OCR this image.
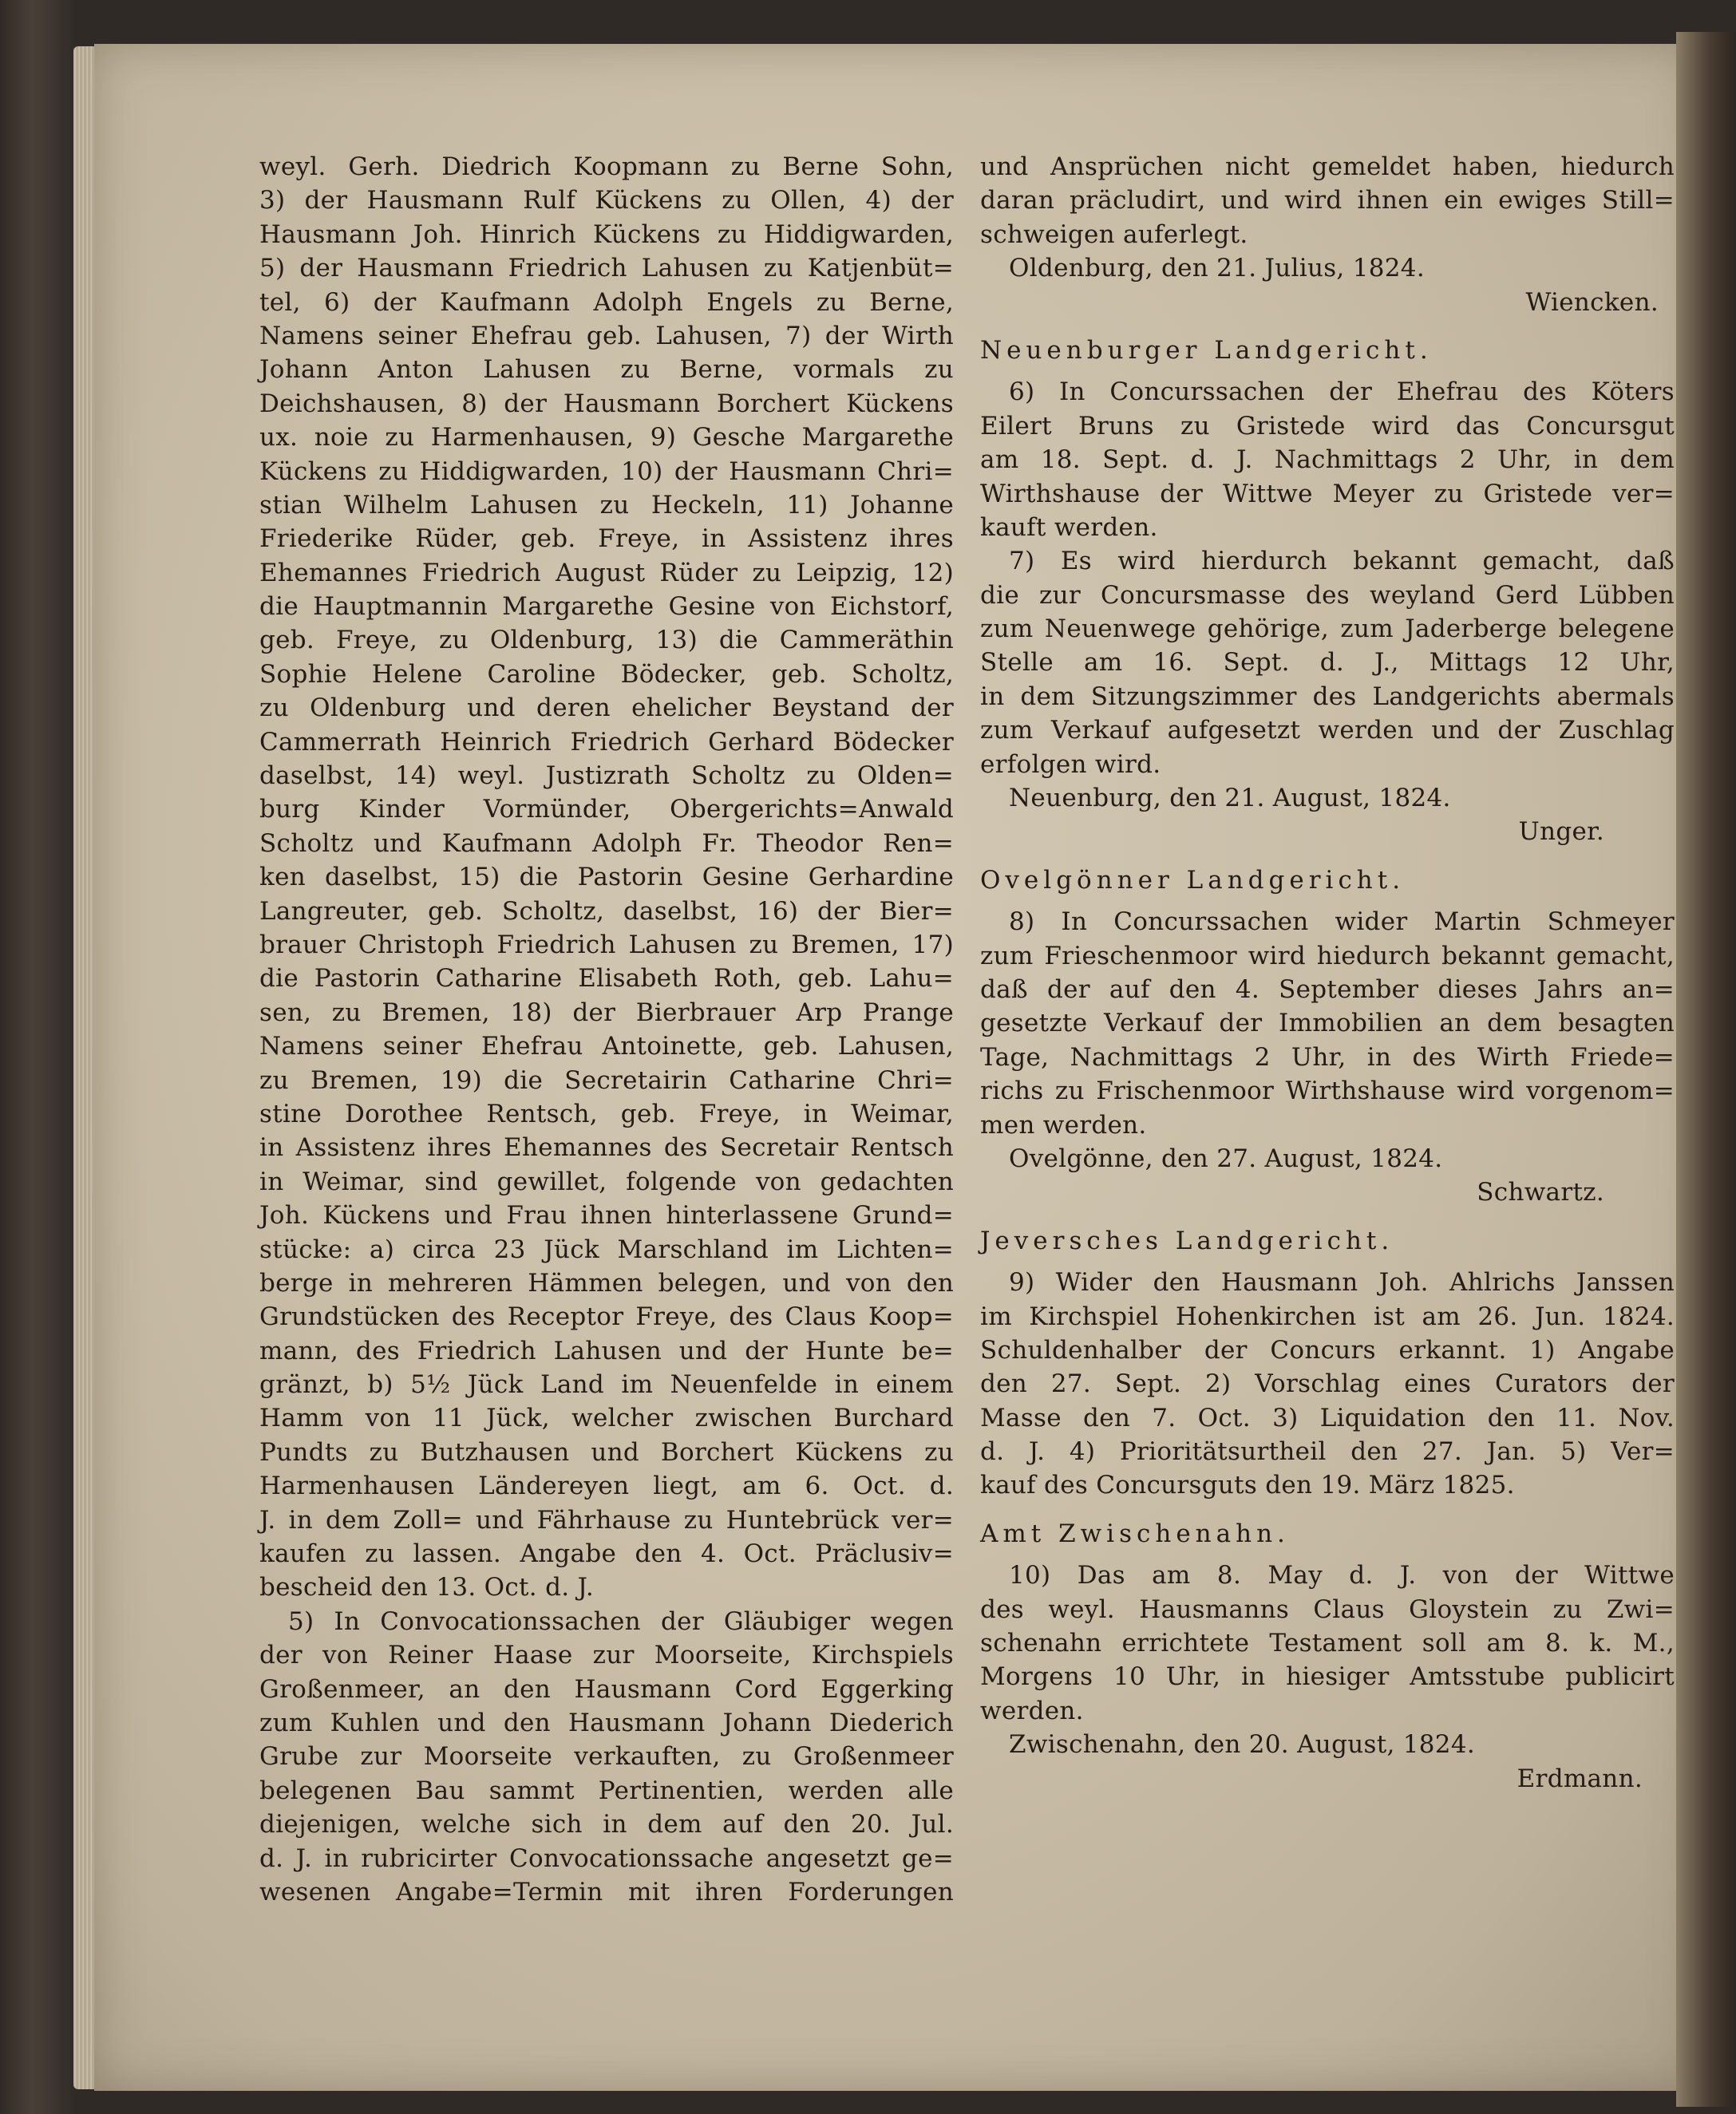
weyl. Gerh. Diedrich Koopmann zu Berne Sohn,
3) der Hausmann Rulf Kückens zu Ollen, 4) der
Hausmann Joh. Hinrich Kückens zu Hiddigwarden,
5) der Hausmann Friedrich Lahusen zu Katjenbüt=
tel, 6) der Kaufmann Adolph Engels zu Berne,
Namens seiner Ehefrau geb. Lahusen, 7) der Wirth
Johann Anton Lahusen zu Berne, vormals zu
Deichshausen, 8) der Hausmann Borchert Kückens
ux. noie zu Harmenhausen, 9) Gesche Margarethe
Kückens zu Hiddigwarden, 10) der Hausmann Chri=
stian Wilhelm Lahusen zu Heckeln, 11) Johanne
Friederike Rüder, geb. Freye, in Assistenz ihres
Ehemannes Friedrich August Rüder zu Leipzig, 12)
die Hauptmannin Margarethe Gesine von Eichstorf,
geb. Freye, zu Oldenburg, 13) die Cammeräthin
Sophie Helene Caroline Bödecker, geb. Scholtz,
zu Oldenburg und deren ehelicher Beystand der
Cammerrath Heinrich Friedrich Gerhard Bödecker
daselbst, 14) weyl. Justizrath Scholtz zu Olden=
burg Kinder Vormünder, Obergerichts=Anwald
Scholtz und Kaufmann Adolph Fr. Theodor Ren=
ken daselbst, 15) die Pastorin Gesine Gerhardine
Langreuter, geb. Scholtz, daselbst, 16) der Bier=
brauer Christoph Friedrich Lahusen zu Bremen, 17)
die Pastorin Catharine Elisabeth Roth, geb. Lahu=
sen, zu Bremen, 18) der Bierbrauer Arp Prange
Namens seiner Ehefrau Antoinette, geb. Lahusen,
zu Bremen, 19) die Secretairin Catharine Chri=
stine Dorothee Rentsch, geb. Freye, in Weimar,
in Assistenz ihres Ehemannes des Secretair Rentsch
in Weimar, sind gewillet, folgende von gedachten
Joh. Kückens und Frau ihnen hinterlassene Grund=
stücke: a) circa 23 Jück Marschland im Lichten=
berge in mehreren Hämmen belegen, und von den
Grundstücken des Receptor Freye, des Claus Koop=
mann, des Friedrich Lahusen und der Hunte be=
gränzt, b) 5½ Jück Land im Neuenfelde in einem
Hamm von 11 Jück, welcher zwischen Burchard
Pundts zu Butzhausen und Borchert Kückens zu
Harmenhausen Ländereyen liegt, am 6. Oct. d.
J. in dem Zoll= und Fährhause zu Huntebrück ver=
kaufen zu lassen. Angabe den 4. Oct. Präclusiv=
bescheid den 13. Oct. d. J.
5) In Convocationssachen der Gläubiger wegen
der von Reiner Haase zur Moorseite, Kirchspiels
Großenmeer, an den Hausmann Cord Eggerking
zum Kuhlen und den Hausmann Johann Diederich
Grube zur Moorseite verkauften, zu Großenmeer
belegenen Bau sammt Pertinentien, werden alle
diejenigen, welche sich in dem auf den 20. Jul.
d. J. in rubricirter Convocationssache angesetzt ge=
wesenen Angabe=Termin mit ihren Forderungen
und Ansprüchen nicht gemeldet haben, hiedurch
daran präcludirt, und wird ihnen ein ewiges Still=
schweigen auferlegt.
Oldenburg, den 21. Julius, 1824.
Wiencken.
Neuenburger Landgericht.
6) In Concurssachen der Ehefrau des Köters
Eilert Bruns zu Gristede wird das Concursgut
am 18. Sept. d. J. Nachmittags 2 Uhr, in dem
Wirthshause der Wittwe Meyer zu Gristede ver=
kauft werden.
7) Es wird hierdurch bekannt gemacht, daß
die zur Concursmasse des weyland Gerd Lübben
zum Neuenwege gehörige, zum Jaderberge belegene
Stelle am 16. Sept. d. J., Mittags 12 Uhr,
in dem Sitzungszimmer des Landgerichts abermals
zum Verkauf aufgesetzt werden und der Zuschlag
erfolgen wird.
Neuenburg, den 21. August, 1824.
Unger.
Ovelgönner Landgericht.
8) In Concurssachen wider Martin Schmeyer
zum Frieschenmoor wird hiedurch bekannt gemacht,
daß der auf den 4. September dieses Jahrs an=
gesetzte Verkauf der Immobilien an dem besagten
Tage, Nachmittags 2 Uhr, in des Wirth Friede=
richs zu Frischenmoor Wirthshause wird vorgenom=
men werden.
Ovelgönne, den 27. August, 1824.
Schwartz.
Jeversches Landgericht.
9) Wider den Hausmann Joh. Ahlrichs Janssen
im Kirchspiel Hohenkirchen ist am 26. Jun. 1824.
Schuldenhalber der Concurs erkannt. 1) Angabe
den 27. Sept. 2) Vorschlag eines Curators der
Masse den 7. Oct. 3) Liquidation den 11. Nov.
d. J. 4) Prioritätsurtheil den 27. Jan. 5) Ver=
kauf des Concursguts den 19. März 1825.
Amt Zwischenahn.
10) Das am 8. May d. J. von der Wittwe
des weyl. Hausmanns Claus Gloystein zu Zwi=
schenahn errichtete Testament soll am 8. k. M.,
Morgens 10 Uhr, in hiesiger Amtsstube publicirt
werden.
Zwischenahn, den 20. August, 1824.
Erdmann.
